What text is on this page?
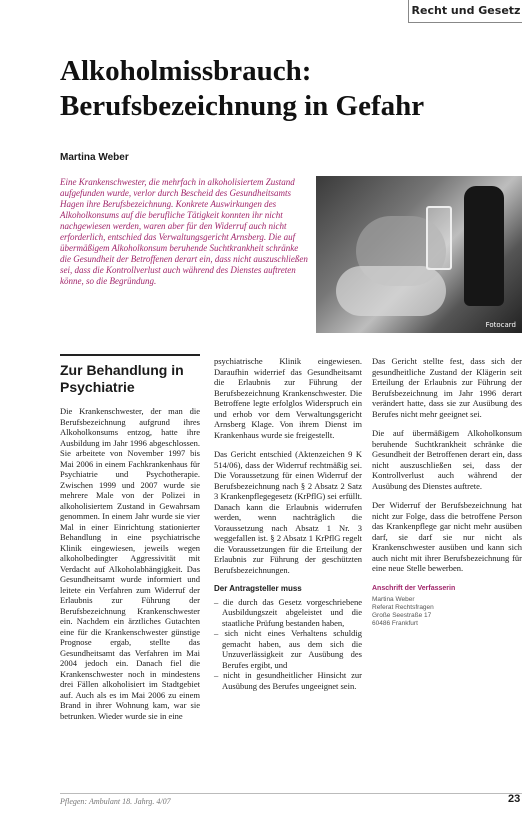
Recht und Gesetz
Alkoholmissbrauch:
Berufsbezeichnung in Gefahr
Martina Weber
Eine Krankenschwester, die mehrfach in alkoholisiertem Zustand aufgefunden wurde, verlor durch Bescheid des Gesundheitsamts Hagen ihre Berufsbezeichnung. Konkrete Auswirkungen des Alkoholkonsums auf die berufliche Tätigkeit konnten ihr nicht nachgewiesen werden, waren aber für den Widerruf auch nicht erforderlich, entschied das Verwaltungsgericht Arnsberg. Die auf übermäßigem Alkoholkonsum beruhende Suchtkrankheit schränke die Gesundheit der Betroffenen derart ein, dass nicht auszuschließen sei, dass die Kontrollverlust auch während des Dienstes auftreten könne, so die Begründung.
Fotocard
Zur Behandlung in Psychiatrie

Die Krankenschwester, der man die Berufsbezeichnung aufgrund ihres Alkoholkonsums entzog, hatte ihre Ausbildung im Jahr 1996 abgeschlossen. Sie arbeitete von November 1997 bis Mai 2006 in einem Fachkrankenhaus für Psychiatrie und Psychotherapie. Zwischen 1999 und 2007 wurde sie mehrere Male von der Polizei in alkoholisiertem Zustand in Gewahrsam genommen. In einem Jahr wurde sie vier Mal in einer Einrichtung stationierter Behandlung in eine psychiatrische Klinik eingewiesen, jeweils wegen alkoholbedingter Aggressivität mit Verdacht auf Alkoholabhängigkeit. Das Gesundheitsamt wurde informiert und leitete ein Verfahren zum Widerruf der Erlaubnis zur Führung der Berufsbezeichnung Krankenschwester ein. Nachdem ein ärztliches Gutachten eine für die Krankenschwester günstige Prognose ergab, stellte das Gesundheitsamt das Verfahren im Mai 2004 jedoch ein. Danach fiel die Krankenschwester noch in mindestens drei Fällen alkoholisiert im Stadtgebiet auf. Auch als es im Mai 2006 zu einem Brand in ihrer Wohnung kam, war sie betrunken. Wieder wurde sie in eine

psychiatrische Klinik eingewiesen. Daraufhin widerrief das Gesundheitsamt die Erlaubnis zur Führung der Berufsbezeichnung Krankenschwester. Die Betroffene legte erfolglos Widerspruch ein und erhob vor dem Verwaltungsgericht Arnsberg Klage. Von ihrem Dienst im Krankenhaus wurde sie freigestellt.

Das Gericht entschied (Aktenzeichen 9 K 514/06), dass der Widerruf rechtmäßig sei. Die Voraussetzung für einen Widerruf der Berufsbezeichnung nach § 2 Absatz 2 Satz 3 Krankenpflegegesetz (KrPflG) sei erfüllt. Danach kann die Erlaubnis widerrufen werden, wenn nachträglich die Voraussetzung nach Absatz 1 Nr. 3 weggefallen ist. § 2 Absatz 1 KrPflG regelt die Voraussetzungen für die Erteilung der Erlaubnis zur Führung der geschützten Berufsbezeichnungen.

Der Antragsteller muss
– die durch das Gesetz vorgeschriebene Ausbildungszeit abgeleistet und die staatliche Prüfung bestanden haben,
– sich nicht eines Verhaltens schuldig gemacht haben, aus dem sich die Unzuverlässigkeit zur Ausübung des Berufes ergibt, und
– nicht in gesundheitlicher Hinsicht zur Ausübung des Berufes ungeeignet sein.

Das Gericht stellte fest, dass sich der gesundheitliche Zustand der Klägerin seit Erteilung der Erlaubnis zur Führung der Berufsbezeichnung im Jahr 1996 derart verändert hatte, dass sie zur Ausübung des Berufes nicht mehr geeignet sei.

Die auf übermäßigem Alkoholkonsum beruhende Suchtkrankheit schränke die Gesundheit der Betroffenen derart ein, dass nicht auszuschließen sei, dass der Kontrollverlust auch während der Ausübung des Dienstes auftrete.

Der Widerruf der Berufsbezeichnung hat nicht zur Folge, dass die betroffene Person das Krankenpflege gar nicht mehr ausüben darf, sie darf sie nur nicht als Krankenschwester ausüben und kann sich auch nicht mit ihrer Berufsbezeichnung für eine neue Stelle bewerben.

Anschrift der Verfasserin
Martina Weber
Referat Rechtsfragen
Große Seestraße 17
60486 Frankfurt
Pflegen: Ambulant 18. Jahrg. 4/07	23
